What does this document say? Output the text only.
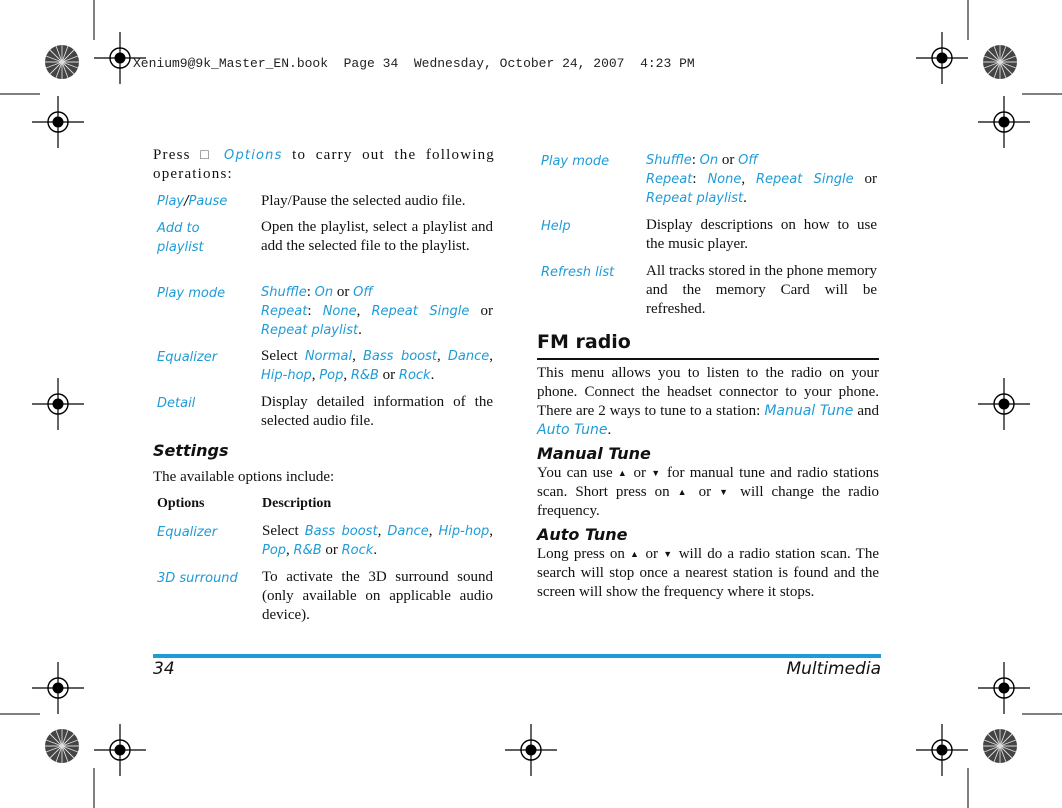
Xenium9@9k_Master_EN.book  Page 34  Wednesday, October 24, 2007  4:23 PM
Press □ Options to carry out the following operations:
Play/Pause Play/Pause the selected audio file.
Add to playlist
Open the playlist, select a playlist and add the selected file to the playlist.
Play mode	Shuffle: On or Off
Repeat: None, Repeat Single or
Repeat playlist.
Equalizer	Select Normal, Bass boost, Dance,
Hip-hop, Pop, R&B or Rock.
Detail	Display detailed information of the selected audio file.
Settings
The available options include:
Options	Description
Equalizer	Select Bass boost, Dance, Hip-hop,
Pop, R&B or Rock.
3D surround To activate the 3D surround sound (only available on applicable audio device).
Play mode	Shuffle: On or Off
Repeat: None, Repeat Single or
Repeat playlist.
Help	Display descriptions on how to use the music player.
Refresh list All tracks stored in the phone memory and the memory Card will be refreshed.
FM radio
This menu allows you to listen to the radio on your phone. Connect the headset connector to your phone. There are 2 ways to tune to a station: Manual Tune and Auto Tune.
Manual Tune
You can use ▲ or ▼ for manual tune and radio stations scan. Short press on ▲ or ▼ will change the radio frequency.
Auto Tune
Long press on ▲ or ▼ will do a radio station scan. The search will stop once a nearest station is found and the screen will show the frequency where it stops.
34	Multimedia
